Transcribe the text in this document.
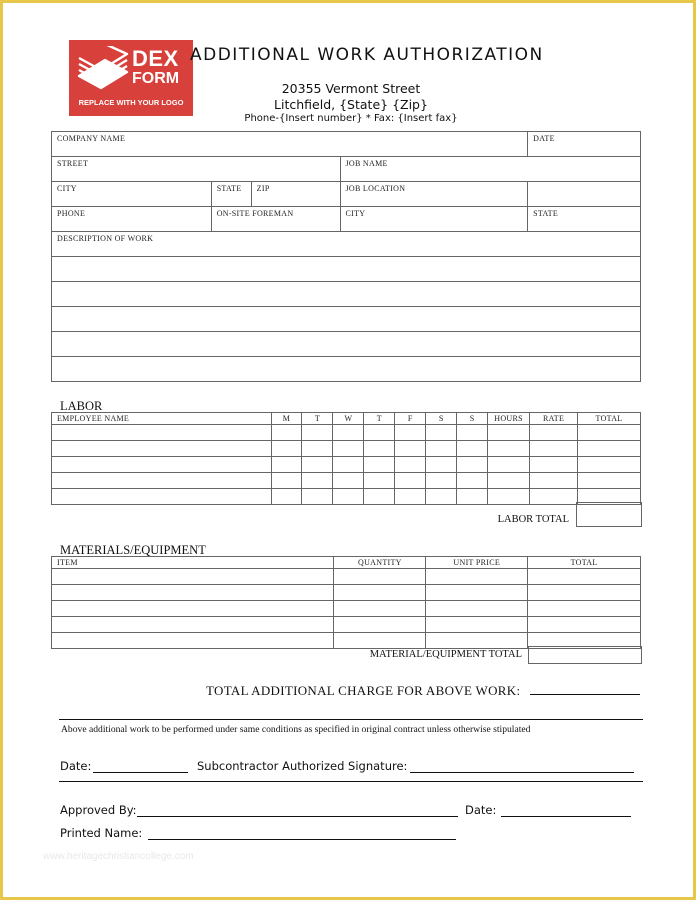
DEX
FORM
REPLACE WITH YOUR LOGO
ADDITIONAL WORK AUTHORIZATION
20355 Vermont Street
Litchfield, {State} {Zip}
Phone-{Insert number} * Fax: {Insert fax}
COMPANY NAME				DATE
STREET			JOB NAME	
CITY	STATE	ZIP	JOB LOCATION	
PHONE	ON-SITE FOREMAN		CITY	STATE
DESCRIPTION OF WORK				

LABOR
EMPLOYEE NAME	M	T	W	T	F	S	S	HOURS	RATE	TOTAL

LABOR TOTAL
MATERIALS/EQUIPMENT
ITEM	QUANTITY	UNIT PRICE	TOTAL

MATERIAL/EQUIPMENT TOTAL
TOTAL ADDITIONAL CHARGE FOR ABOVE WORK:
Above additional work to be performed under same conditions as specified in original contract unless otherwise stipulated
Date:	Subcontractor Authorized Signature:
Approved By:	Date:
Printed Name:
www.heritagechristiancollege.com
